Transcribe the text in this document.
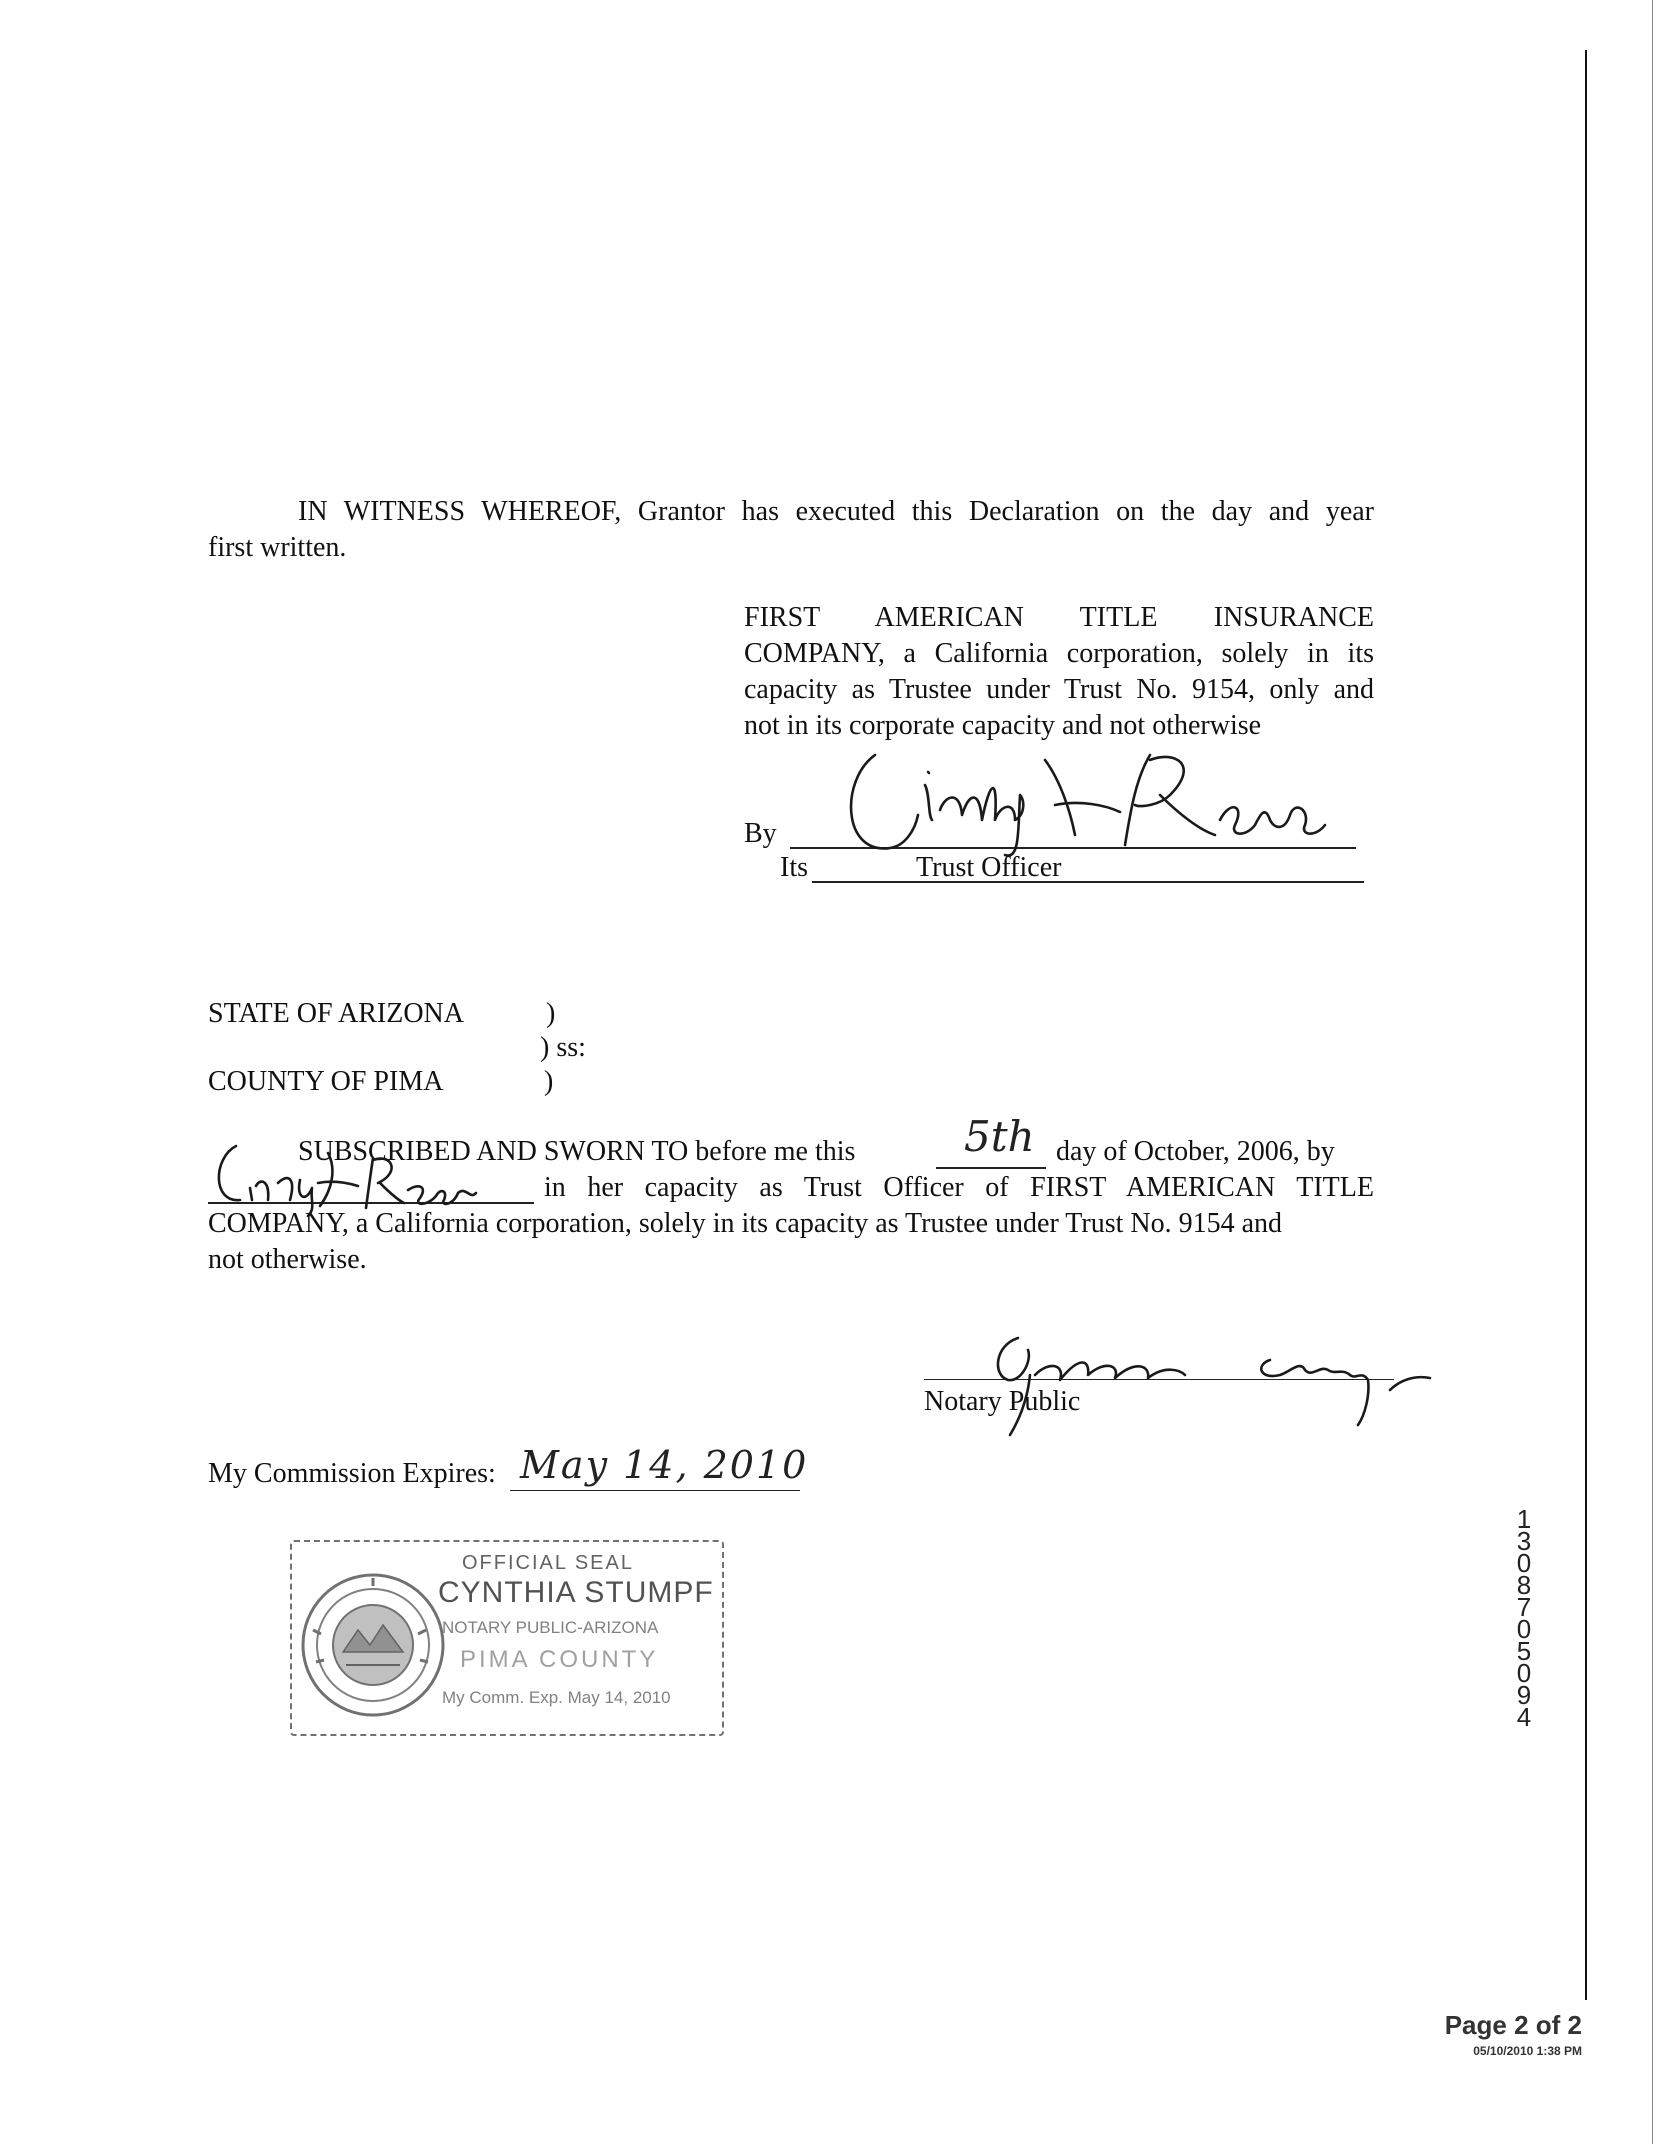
IN WITNESS WHEREOF, Grantor has executed this Declaration on the day and year
first written.
FIRST AMERICAN TITLE INSURANCE
COMPANY, a California corporation, solely in its
capacity as Trustee under Trust No. 9154, only and
not in its corporate capacity and not otherwise
By
Its	Trust Officer
STATE OF ARIZONA	)
) ss:
COUNTY OF PIMA	)
SUBSCRIBED AND SWORN TO before me this	5th day of October, 2006, by
in her capacity as Trust Officer of FIRST AMERICAN TITLE
COMPANY, a California corporation, solely in its capacity as Trustee under Trust No. 9154 and
not otherwise.
Notary Public
My Commission Expires: May 14, 2010
OFFICIAL SEAL
CYNTHIA STUMPF
NOTARY PUBLIC-ARIZONA
PIMA COUNTY
My Comm. Exp. May 14, 2010
13087 05094
Page 2 of 2
05/10/2010 1:38 PM
